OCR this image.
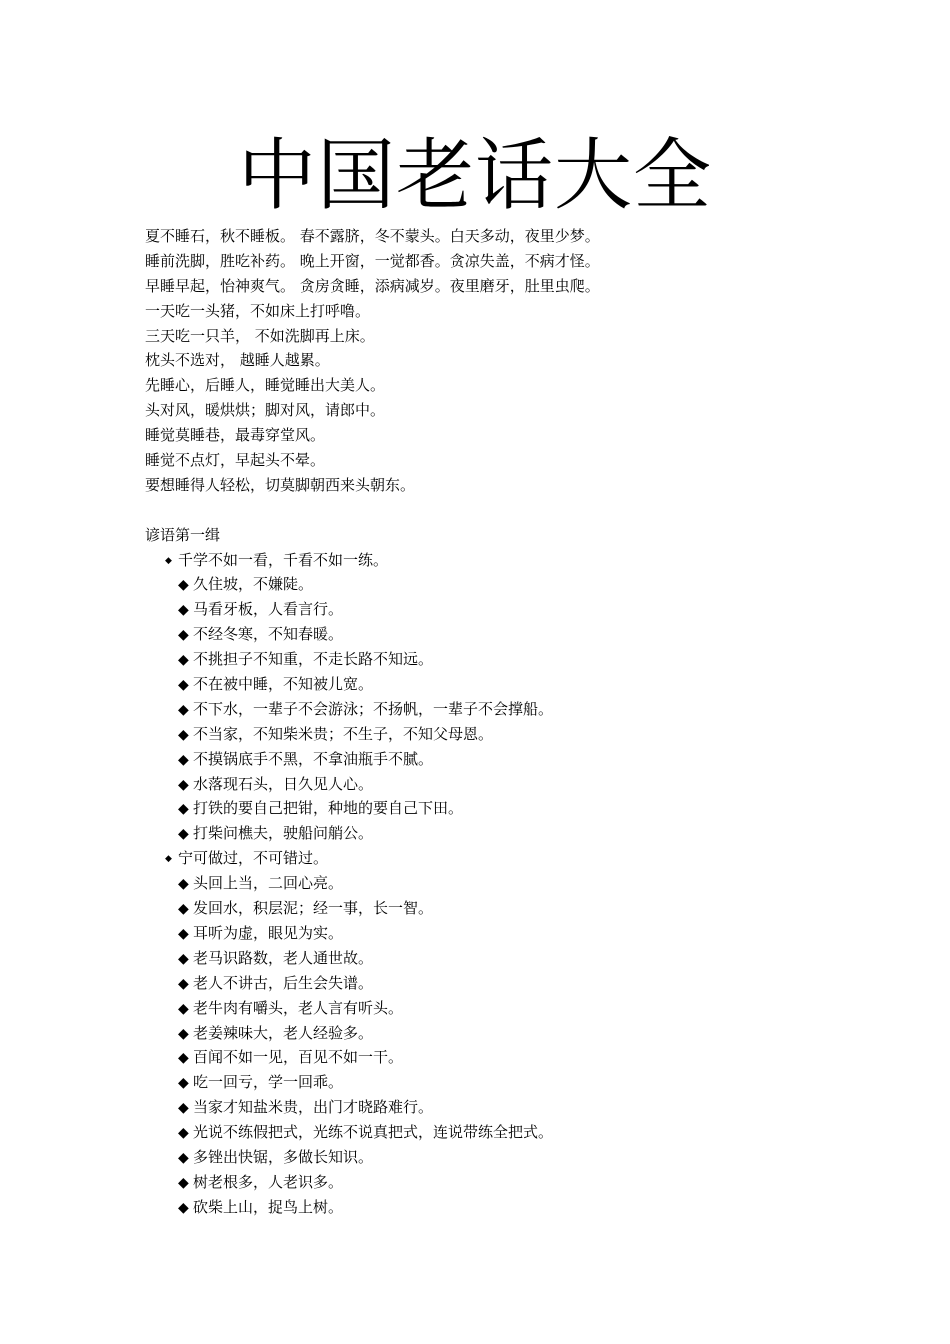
中国老话大全
夏不睡石，秋不睡板。 春不露脐，冬不蒙头。白天多动，夜里少梦。
睡前洗脚，胜吃补药。 晚上开窗，一觉都香。贪凉失盖，不病才怪。
早睡早起，怡神爽气。 贪房贪睡，添病减岁。夜里磨牙，肚里虫爬。
一天吃一头猪，不如床上打呼噜。
三天吃一只羊， 不如洗脚再上床。
枕头不选对， 越睡人越累。
先睡心，后睡人，睡觉睡出大美人。
头对风，暖烘烘；脚对风，请郎中。
睡觉莫睡巷，最毒穿堂风。
睡觉不点灯，早起头不晕。
要想睡得人轻松，切莫脚朝西来头朝东。
谚语第一缉
◆ 千学不如一看，千看不如一练。
◆ 久住坡，不嫌陡。
◆ 马看牙板，人看言行。
◆ 不经冬寒，不知春暖。
◆ 不挑担子不知重，不走长路不知远。
◆ 不在被中睡，不知被儿宽。
◆ 不下水，一辈子不会游泳；不扬帆，一辈子不会撑船。
◆ 不当家，不知柴米贵；不生子，不知父母恩。
◆ 不摸锅底手不黑，不拿油瓶手不腻。
◆ 水落现石头，日久见人心。
◆ 打铁的要自己把钳，种地的要自己下田。
◆ 打柴问樵夫，驶船问艄公。
◆ 宁可做过，不可错过。
◆ 头回上当，二回心亮。
◆ 发回水，积层泥；经一事，长一智。
◆ 耳听为虚，眼见为实。
◆ 老马识路数，老人通世故。
◆ 老人不讲古，后生会失谱。
◆ 老牛肉有嚼头，老人言有听头。
◆ 老姜辣味大，老人经验多。
◆ 百闻不如一见，百见不如一干。
◆ 吃一回亏，学一回乖。
◆ 当家才知盐米贵，出门才晓路难行。
◆ 光说不练假把式，光练不说真把式，连说带练全把式。
◆ 多锉出快锯，多做长知识。
◆ 树老根多，人老识多。
◆ 砍柴上山，捉鸟上树。
